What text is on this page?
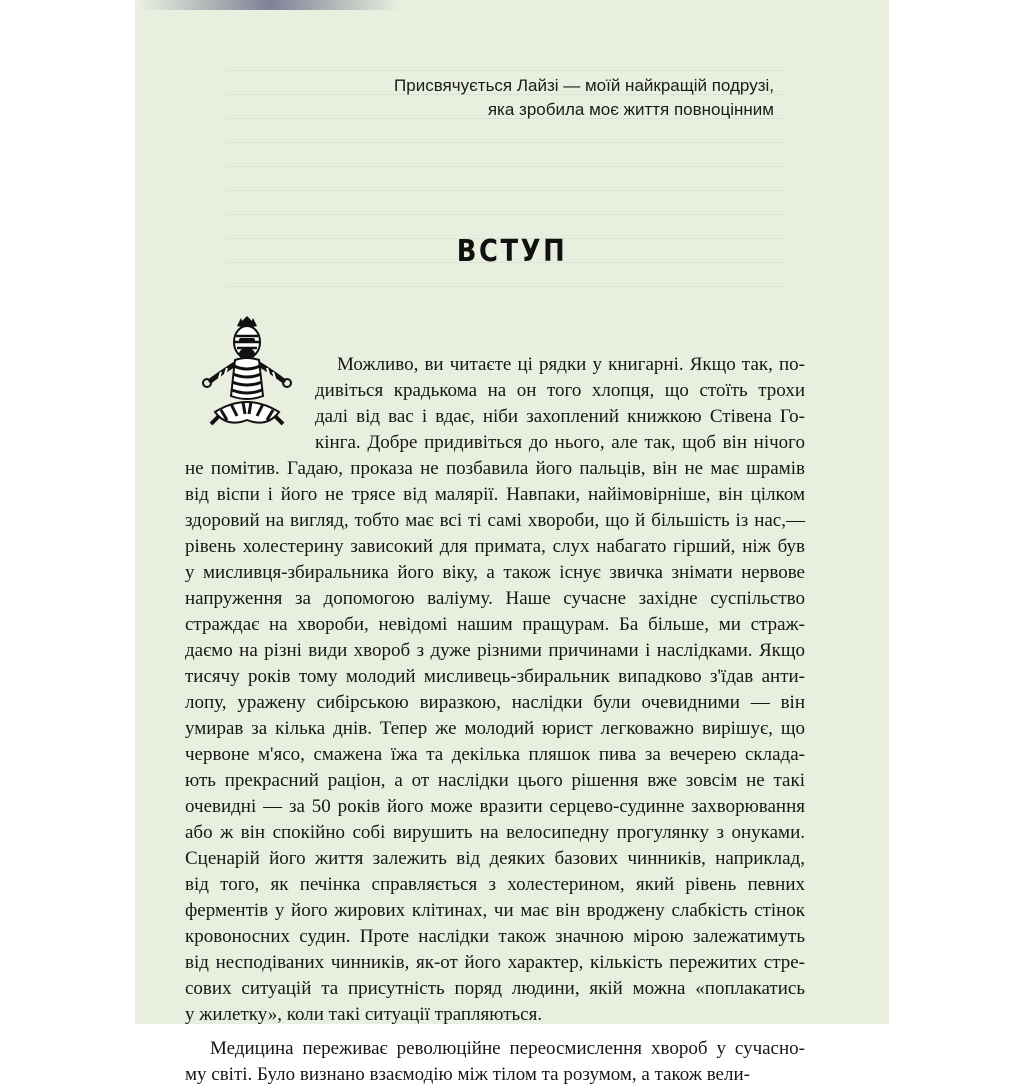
Присвячується Лайзі — моїй найкращій подрузі,
яка зробила моє життя повноцінним
ВСТУП
Можливо, ви читаєте ці рядки у книгарні. Якщо так, по-
дивіться крадькома на он того хлопця, що стоїть трохи
далі від вас і вдає, ніби захоплений книжкою Стівена Го-
кінга. Добре придивіться до нього, але так, щоб він нічого
не помітив. Гадаю, проказа не позбавила його пальців, він не має шрамів
від віспи і його не трясе від малярії. Навпаки, найімовірніше, він цілком
здоровий на вигляд, тобто має всі ті самі хвороби, що й більшість із нас,—
рівень холестерину зависокий для примата, слух набагато гірший, ніж був
у мисливця-збиральника його віку, а також існує звичка знімати нервове
напруження за допомогою валіуму. Наше сучасне західне суспільство
страждає на хвороби, невідомі нашим пращурам. Ба більше, ми страж-
даємо на різні види хвороб з дуже різними причинами і наслідками. Якщо
тисячу років тому молодий мисливець-збиральник випадково з'їдав анти-
лопу, уражену сибірською виразкою, наслідки були очевидними — він
умирав за кілька днів. Тепер же молодий юрист легковажно вирішує, що
червоне м'ясо, смажена їжа та декілька пляшок пива за вечерею склада-
ють прекрасний раціон, а от наслідки цього рішення вже зовсім не такі
очевидні — за 50 років його може вразити серцево-судинне захворювання
або ж він спокійно собі вирушить на велосипедну прогулянку з онуками.
Сценарій його життя залежить від деяких базових чинників, наприклад,
від того, як печінка справляється з холестерином, який рівень певних
ферментів у його жирових клітинах, чи має він вроджену слабкість стінок
кровоносних судин. Проте наслідки також значною мірою залежатимуть
від несподіваних чинників, як-от його характер, кількість пережитих стре-
сових ситуацій та присутність поряд людини, якій можна «поплакатись
у жилетку», коли такі ситуації трапляються.
Медицина переживає революційне переосмислення хвороб у сучасно-
му світі. Було визнано взаємодію між тілом та розумом, а також вели-
